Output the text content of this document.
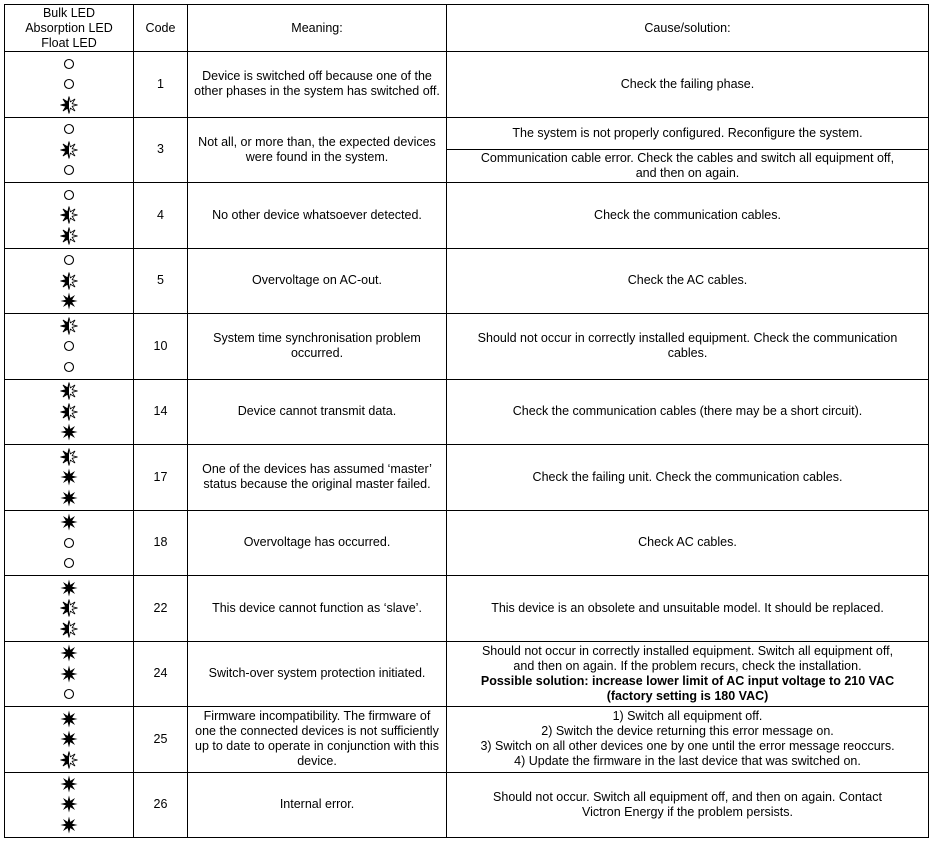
Bulk LED
Absorption LED
Float LED	Code	Meaning:	Cause/solution:

	1	Device is switched off because one of the other phases in the system has switched off.	Check the failing phase.

	3	Not all, or more than, the expected devices were found in the system.	The system is not properly configured. Reconfigure the system.
Communication cable error. Check the cables and switch all equipment off,
and then on again.

	4	No other device whatsoever detected.	Check the communication cables.

	5	Overvoltage on AC-out.	Check the AC cables.

	10	System time synchronisation problem occurred.	Should not occur in correctly installed equipment. Check the communication
cables.

	14	Device cannot transmit data.	Check the communication cables (there may be a short circuit).

	17	One of the devices has assumed ‘master’ status because the original master failed.	Check the failing unit. Check the communication cables.

	18	Overvoltage has occurred.	Check AC cables.

	22	This device cannot function as ‘slave’.	This device is an obsolete and unsuitable model. It should be replaced.

	24	Switch-over system protection initiated.	Should not occur in correctly installed equipment. Switch all equipment off,
and then on again. If the problem recurs, check the installation.
Possible solution: increase lower limit of AC input voltage to 210 VAC
(factory setting is 180 VAC)

	25	Firmware incompatibility. The firmware of one the connected devices is not sufficiently up to date to operate in conjunction with this device.	1) Switch all equipment off.
2) Switch the device returning this error message on.
3) Switch on all other devices one by one until the error message reoccurs.
4) Update the firmware in the last device that was switched on.

	26	Internal error.	Should not occur. Switch all equipment off, and then on again. Contact
Victron Energy if the problem persists.
